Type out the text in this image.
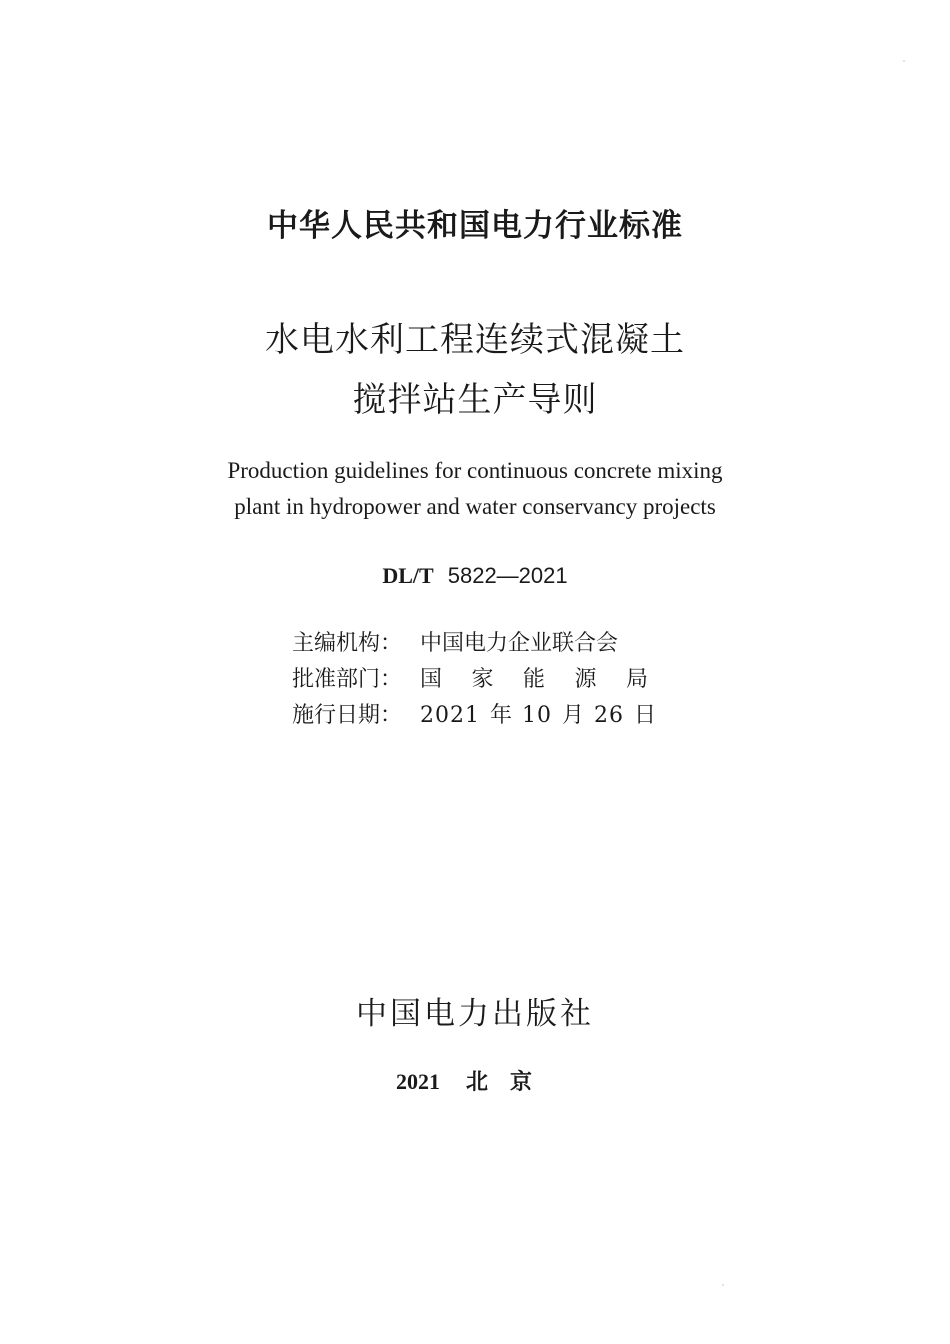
中华人民共和国电力行业标准
水电水利工程连续式混凝土
搅拌站生产导则
Production guidelines for continuous concrete mixing
plant in hydropower and water conservancy projects
DL/T 5822—2021
主编机构： 中国电力企业联合会
批准部门： 国家能源局
施行日期： 2021 年 10 月 26 日
中国电力出版社
2021 北京
